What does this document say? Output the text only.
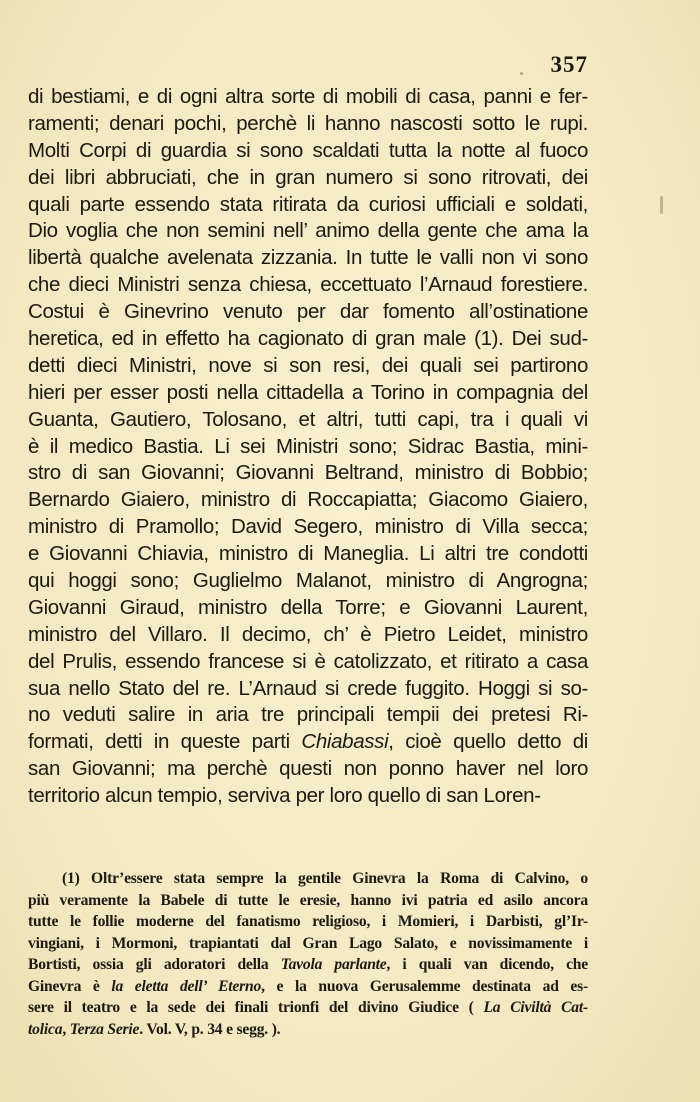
357
di bestiami, e di ogni altra sorte di mobili di casa, panni e fer-
ramenti; denari pochi, perchè li hanno nascosti sotto le rupi.
Molti Corpi di guardia si sono scaldati tutta la notte al fuoco
dei libri abbruciati, che in gran numero si sono ritrovati, dei
quali parte essendo stata ritirata da curiosi ufficiali e soldati,
Dio voglia che non semini nell’ animo della gente che ama la
libertà qualche avelenata zizzania. In tutte le valli non vi sono
che dieci Ministri senza chiesa, eccettuato l’Arnaud forestiere.
Costui è Ginevrino venuto per dar fomento all’ostinatione
heretica, ed in effetto ha cagionato di gran male (1). Dei sud-
detti dieci Ministri, nove si son resi, dei quali sei partirono
hieri per esser posti nella cittadella a Torino in compagnia del
Guanta, Gautiero, Tolosano, et altri, tutti capi, tra i quali vi
è il medico Bastia. Li sei Ministri sono; Sidrac Bastia, mini-
stro di san Giovanni; Giovanni Beltrand, ministro di Bobbio;
Bernardo Giaiero, ministro di Roccapiatta; Giacomo Giaiero,
ministro di Pramollo; David Segero, ministro di Villa secca;
e Giovanni Chiavia, ministro di Maneglia. Li altri tre condotti
qui hoggi sono; Guglielmo Malanot, ministro di Angrogna;
Giovanni Giraud, ministro della Torre; e Giovanni Laurent,
ministro del Villaro. Il decimo, ch’ è Pietro Leidet, ministro
del Prulis, essendo francese si è catolizzato, et ritirato a casa
sua nello Stato del re. L’Arnaud si crede fuggito. Hoggi si so-
no veduti salire in aria tre principali tempii dei pretesi Ri-
formati, detti in queste parti Chiabassi, cioè quello detto di
san Giovanni; ma perchè questi non ponno haver nel loro
territorio alcun tempio, serviva per loro quello di san Loren-
(1) Oltr’essere stata sempre la gentile Ginevra la Roma di Calvino, o
più veramente la Babele di tutte le eresie, hanno ivi patria ed asilo ancora
tutte le follie moderne del fanatismo religioso, i Momieri, i Darbisti, gl’Ir-
vingiani, i Mormoni, trapiantati dal Gran Lago Salato, e novissimamente i
Bortisti, ossia gli adoratori della Tavola parlante, i quali van dicendo, che
Ginevra è la eletta dell’ Eterno, e la nuova Gerusalemme destinata ad es-
sere il teatro e la sede dei finali trionfi del divino Giudice ( La Civiltà Cat-
tolica, Terza Serie. Vol. V, p. 34 e segg. ).
